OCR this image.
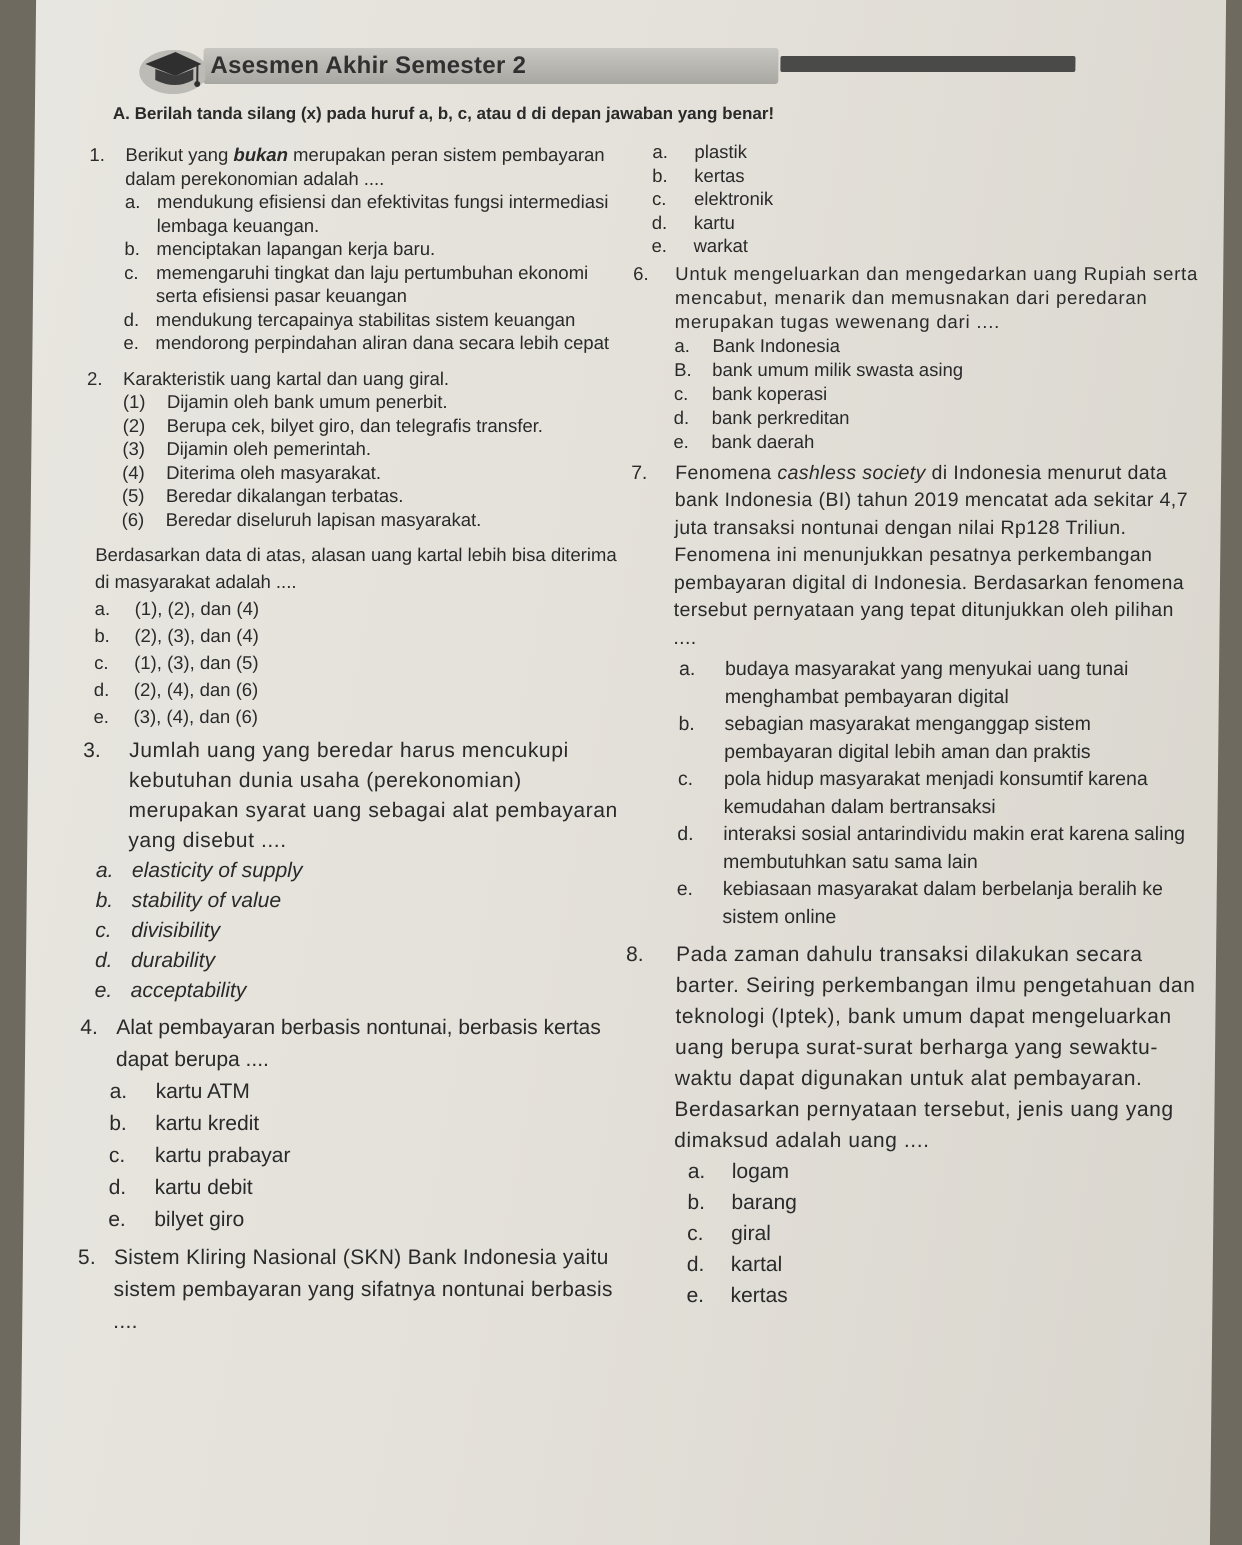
Asesmen Akhir Semester 2
A. Berilah tanda silang (x) pada huruf a, b, c, atau d di depan jawaban yang benar!
1.	Berikut yang bukan merupakan peran sistem pembayaran dalam perekonomian adalah ....
a. mendukung efisiensi dan efektivitas fungsi intermediasi lembaga keuangan.
b. menciptakan lapangan kerja baru.
c. memengaruhi tingkat dan laju pertumbuhan ekonomi serta efisiensi pasar keuangan
d. mendukung tercapainya stabilitas sistem keuangan
e. mendorong perpindahan aliran dana secara lebih cepat
2.	Karakteristik uang kartal dan uang giral.
(1)	Dijamin oleh bank umum penerbit.
(2)	Berupa cek, bilyet giro, dan telegrafis transfer.
(3)	Dijamin oleh pemerintah.
(4)	Diterima oleh masyarakat.
(5)	Beredar dikalangan terbatas.
(6)	Beredar diseluruh lapisan masyarakat.
Berdasarkan data di atas, alasan uang kartal lebih bisa diterima di masyarakat adalah ....
a.	(1), (2), dan (4)
b.	(2), (3), dan (4)
c.	(1), (3), dan (5)
d.	(2), (4), dan (6)
e.	(3), (4), dan (6)
3.	Jumlah uang yang beredar harus mencukupi kebutuhan dunia usaha (perekonomian) merupakan syarat uang sebagai alat pembayaran yang disebut ....
a. elasticity of supply
b. stability of value
c. divisibility
d. durability
e. acceptability
4. Alat pembayaran berbasis nontunai, berbasis kertas dapat berupa ....
a.	kartu ATM
b.	kartu kredit
c.	kartu prabayar
d.	kartu debit
e.	bilyet giro
5. Sistem Kliring Nasional (SKN) Bank Indonesia yaitu sistem pembayaran yang sifatnya nontunai berbasis ....
a.	plastik
b.	kertas
c.	elektronik
d.	kartu
e.	warkat
6.	Untuk mengeluarkan dan mengedarkan uang Rupiah serta mencabut, menarik dan memusnakan dari peredaran merupakan tugas wewenang dari ....
a.	Bank Indonesia
B.	bank umum milik swasta asing
c.	bank koperasi
d.	bank perkreditan
e.	bank daerah
7.	Fenomena cashless society di Indonesia menurut data bank Indonesia (BI) tahun 2019 mencatat ada sekitar 4,7 juta transaksi nontunai dengan nilai Rp128 Triliun. Fenomena ini menunjukkan pesatnya perkembangan pembayaran digital di Indonesia. Berdasarkan fenomena tersebut pernyataan yang tepat ditunjukkan oleh pilihan ....
a.	budaya masyarakat yang menyukai uang tunai menghambat pembayaran digital
b.	sebagian masyarakat menganggap sistem pembayaran digital lebih aman dan praktis
c.	pola hidup masyarakat menjadi konsumtif karena kemudahan dalam bertransaksi
d.	interaksi sosial antarindividu makin erat karena saling membutuhkan satu sama lain
e.	kebiasaan masyarakat dalam berbelanja beralih ke sistem online
8.	Pada zaman dahulu transaksi dilakukan secara barter. Seiring perkembangan ilmu pengetahuan dan teknologi (Iptek), bank umum dapat mengeluarkan uang berupa surat-surat berharga yang sewaktu-waktu dapat digunakan untuk alat pembayaran. Berdasarkan pernyataan tersebut, jenis uang yang dimaksud adalah uang ....
a.	logam
b.	barang
c.	giral
d.	kartal
e.	kertas
